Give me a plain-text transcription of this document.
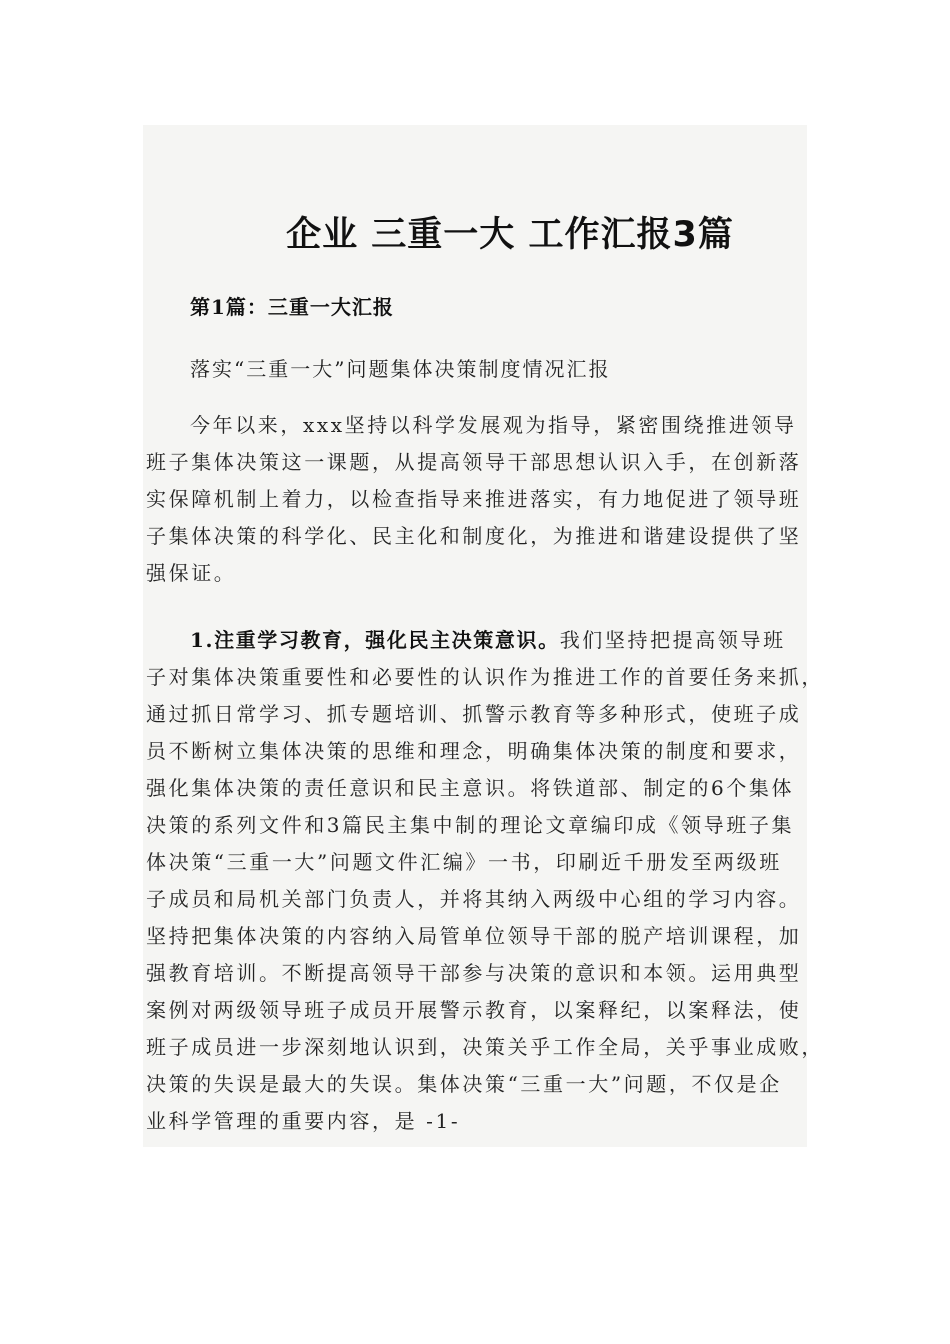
企业 三重一大 工作汇报3篇
第1篇：三重一大汇报
落实“三重一大”问题集体决策制度情况汇报
今年以来，xxx坚持以科学发展观为指导，紧密围绕推进领导
班子集体决策这一课题，从提高领导干部思想认识入手，在创新落
实保障机制上着力，以检查指导来推进落实，有力地促进了领导班
子集体决策的科学化、民主化和制度化，为推进和谐建设提供了坚
强保证。
1.注重学习教育，强化民主决策意识。我们坚持把提高领导班
子对集体决策重要性和必要性的认识作为推进工作的首要任务来抓，
通过抓日常学习、抓专题培训、抓警示教育等多种形式，使班子成
员不断树立集体决策的思维和理念，明确集体决策的制度和要求，
强化集体决策的责任意识和民主意识。将铁道部、制定的6个集体
决策的系列文件和3篇民主集中制的理论文章编印成《领导班子集
体决策“三重一大”问题文件汇编》一书，印刷近千册发至两级班
子成员和局机关部门负责人，并将其纳入两级中心组的学习内容。
坚持把集体决策的内容纳入局管单位领导干部的脱产培训课程，加
强教育培训。不断提高领导干部参与决策的意识和本领。运用典型
案例对两级领导班子成员开展警示教育，以案释纪，以案释法，使
班子成员进一步深刻地认识到，决策关乎工作全局，关乎事业成败，
决策的失误是最大的失误。集体决策“三重一大”问题，不仅是企
业科学管理的重要内容，是 -1-
